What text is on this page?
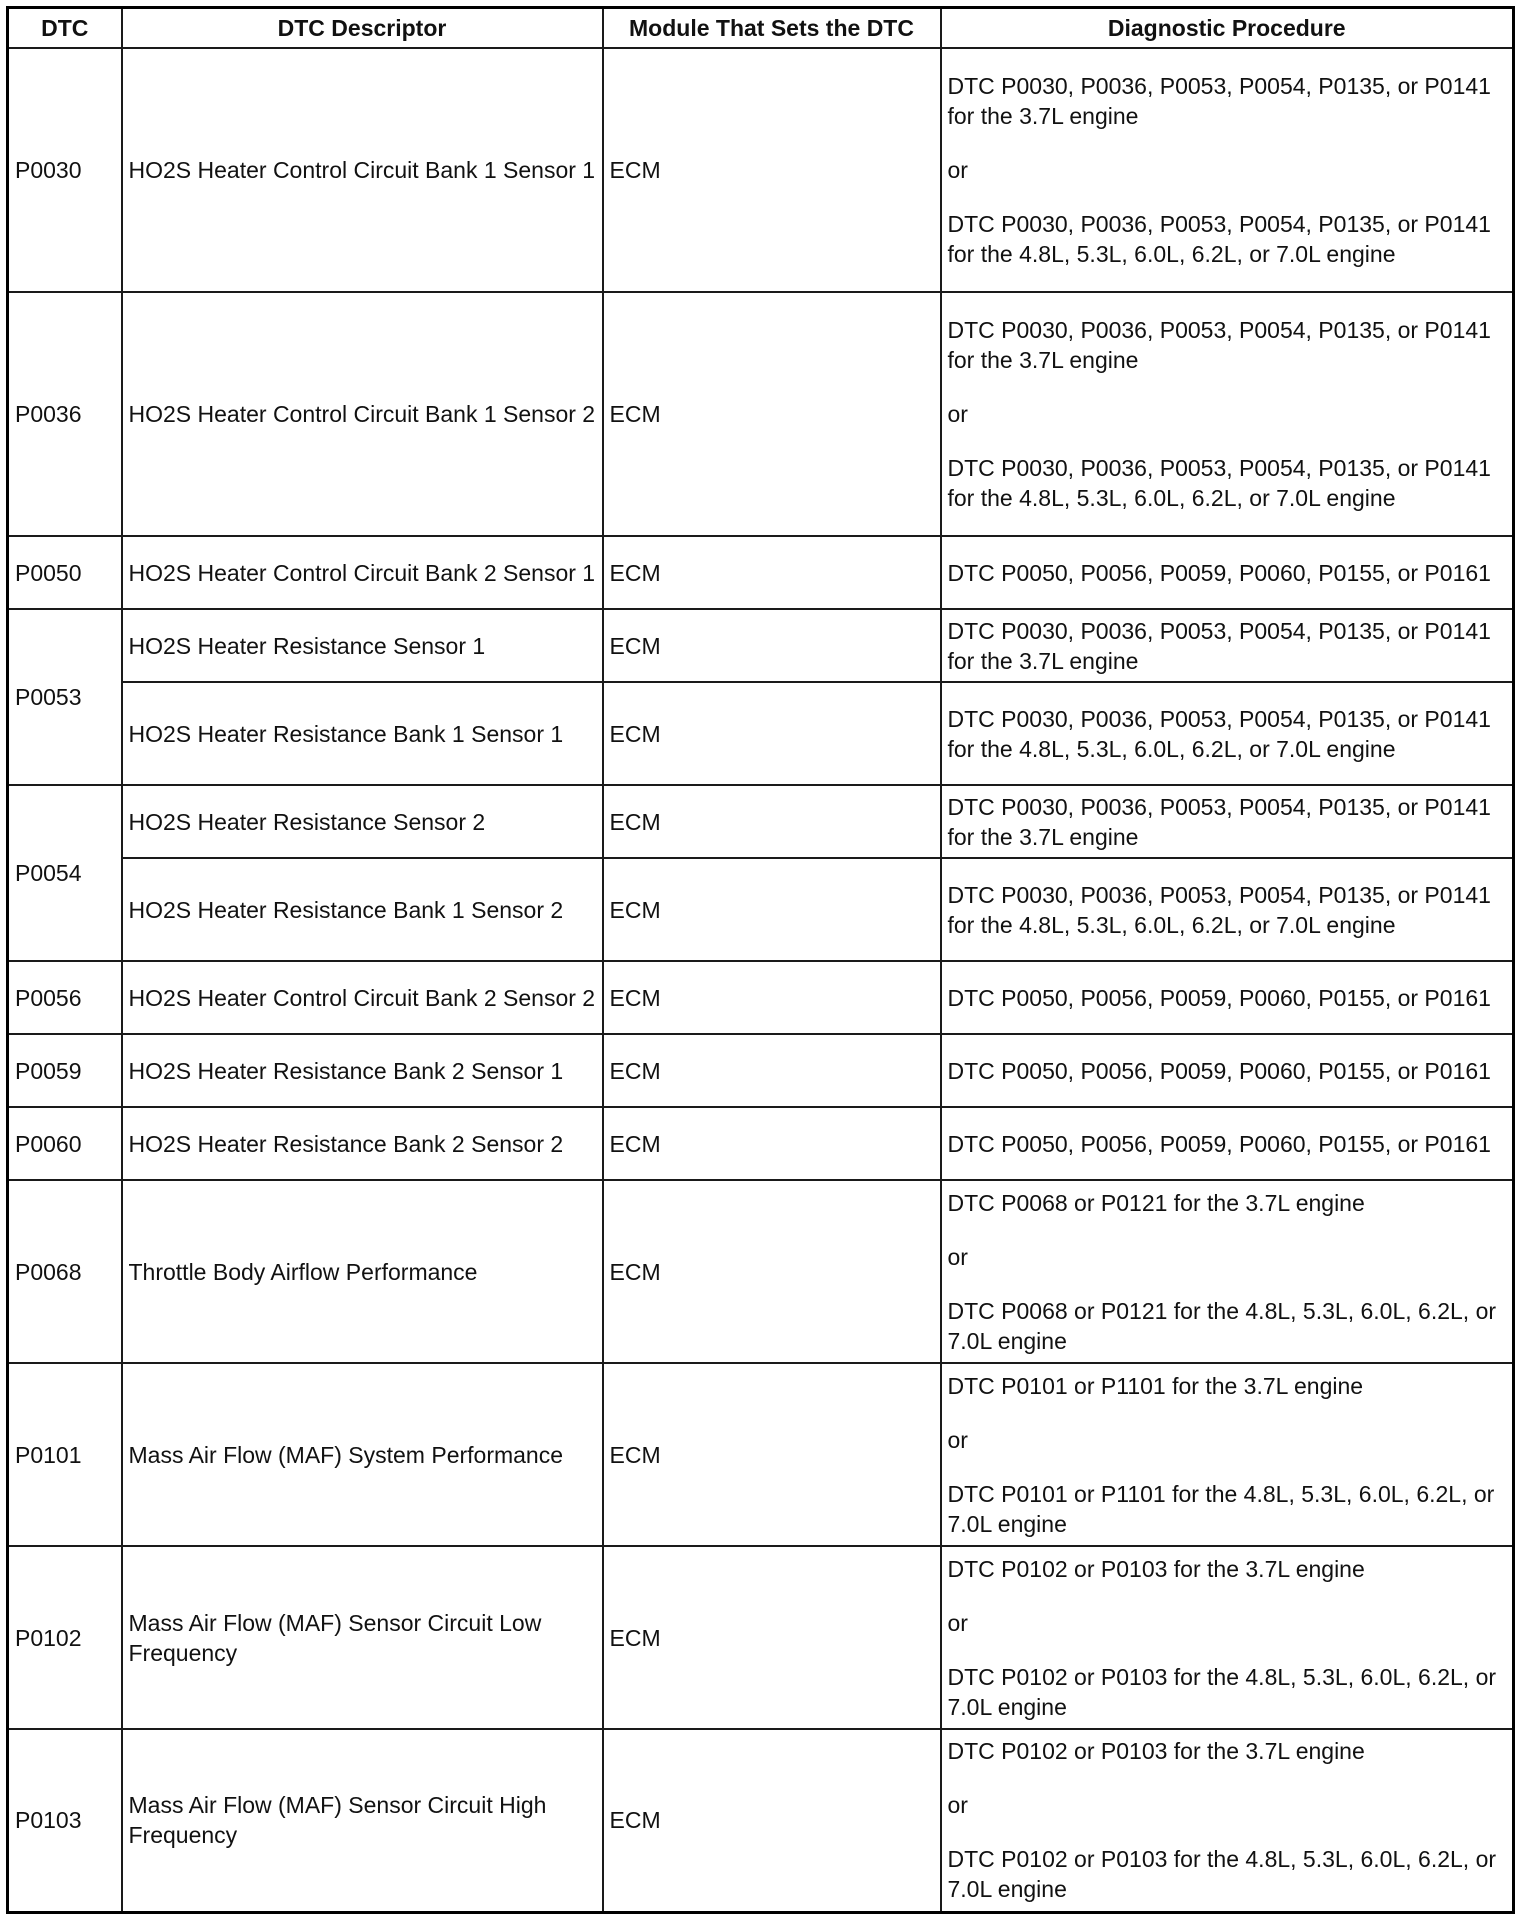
DTC	DTC Descriptor	Module That Sets the DTC	Diagnostic Procedure
P0030	HO2S Heater Control Circuit Bank 1 Sensor 1	ECM	DTC P0030, P0036, P0053, P0054, P0135, or P0141 for the 3.7L engine

or

DTC P0030, P0036, P0053, P0054, P0135, or P0141 for the 4.8L, 5.3L, 6.0L, 6.2L, or 7.0L engine

P0036	HO2S Heater Control Circuit Bank 1 Sensor 2	ECM	DTC P0030, P0036, P0053, P0054, P0135, or P0141 for the 3.7L engine

or

DTC P0030, P0036, P0053, P0054, P0135, or P0141 for the 4.8L, 5.3L, 6.0L, 6.2L, or 7.0L engine

P0050	HO2S Heater Control Circuit Bank 2 Sensor 1	ECM	DTC P0050, P0056, P0059, P0060, P0155, or P0161

P0053	HO2S Heater Resistance Sensor 1	ECM	DTC P0030, P0036, P0053, P0054, P0135, or P0141 for the 3.7L engine

	HO2S Heater Resistance Bank 1 Sensor 1	ECM	DTC P0030, P0036, P0053, P0054, P0135, or P0141 for the 4.8L, 5.3L, 6.0L, 6.2L, or 7.0L engine

P0054	HO2S Heater Resistance Sensor 2	ECM	DTC P0030, P0036, P0053, P0054, P0135, or P0141 for the 3.7L engine

	HO2S Heater Resistance Bank 1 Sensor 2	ECM	DTC P0030, P0036, P0053, P0054, P0135, or P0141 for the 4.8L, 5.3L, 6.0L, 6.2L, or 7.0L engine

P0056	HO2S Heater Control Circuit Bank 2 Sensor 2	ECM	DTC P0050, P0056, P0059, P0060, P0155, or P0161

P0059	HO2S Heater Resistance Bank 2 Sensor 1	ECM	DTC P0050, P0056, P0059, P0060, P0155, or P0161

P0060	HO2S Heater Resistance Bank 2 Sensor 2	ECM	DTC P0050, P0056, P0059, P0060, P0155, or P0161

P0068	Throttle Body Airflow Performance	ECM	DTC P0068 or P0121 for the 3.7L engine

or

DTC P0068 or P0121 for the 4.8L, 5.3L, 6.0L, 6.2L, or 7.0L engine

P0101	Mass Air Flow (MAF) System Performance	ECM	DTC P0101 or P1101 for the 3.7L engine

or

DTC P0101 or P1101 for the 4.8L, 5.3L, 6.0L, 6.2L, or 7.0L engine

P0102	Mass Air Flow (MAF) Sensor Circuit Low Frequency	ECM	DTC P0102 or P0103 for the 3.7L engine

or

DTC P0102 or P0103 for the 4.8L, 5.3L, 6.0L, 6.2L, or 7.0L engine

P0103	Mass Air Flow (MAF) Sensor Circuit High Frequency	ECM	DTC P0102 or P0103 for the 3.7L engine

or

DTC P0102 or P0103 for the 4.8L, 5.3L, 6.0L, 6.2L, or 7.0L engine
